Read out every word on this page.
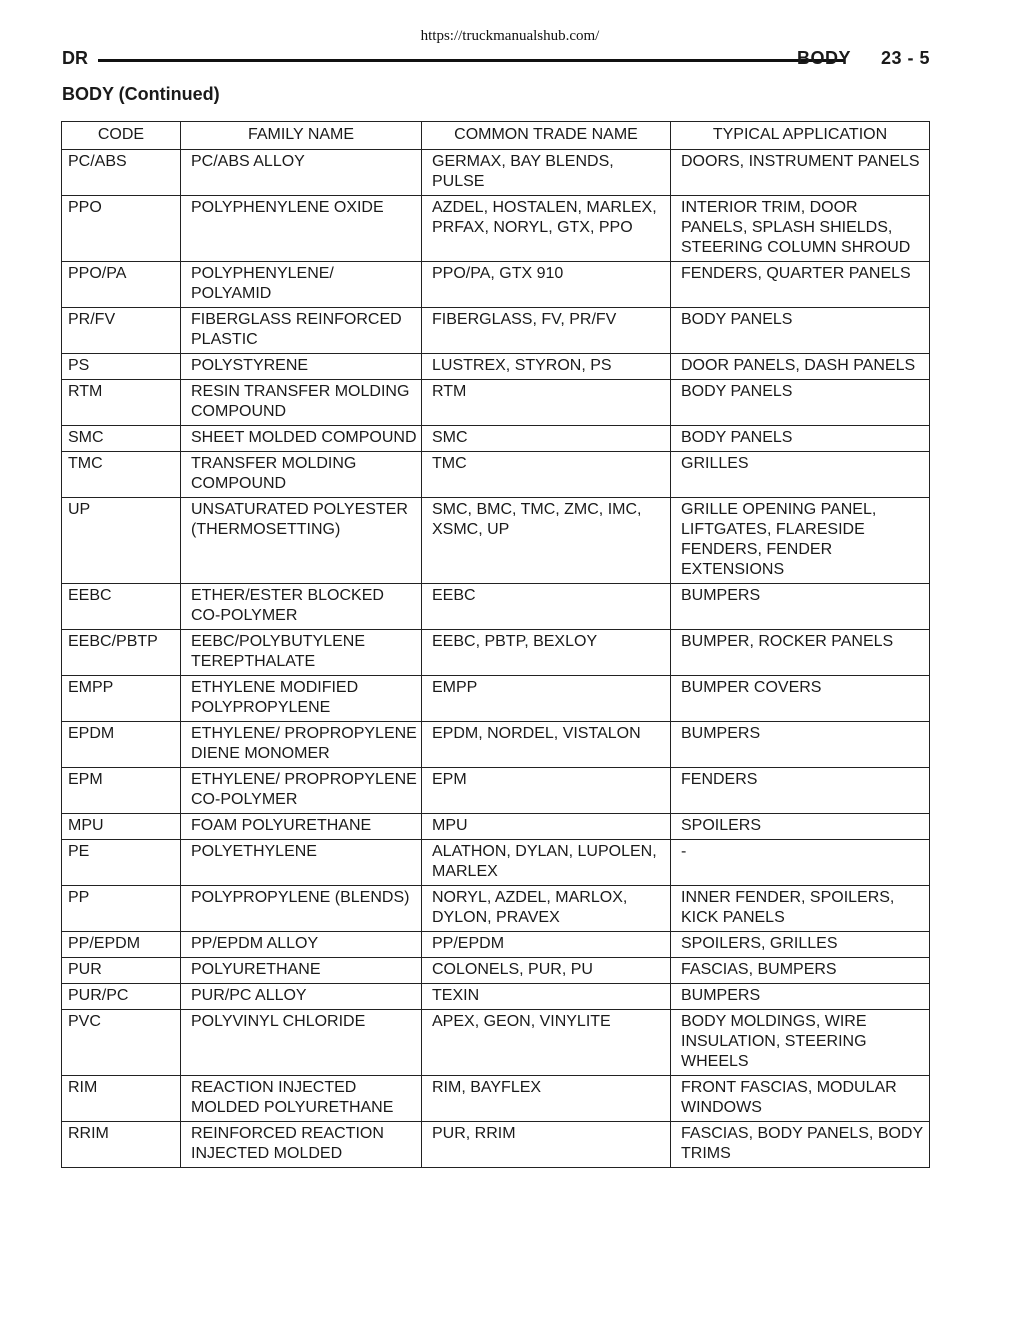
https://truckmanualshub.com/
DR	BODY 23 - 5
BODY (Continued)
CODE	FAMILY NAME	COMMON TRADE NAME	TYPICAL APPLICATION
PC/ABS	PC/ABS ALLOY	GERMAX, BAY BLENDS, PULSE	DOORS, INSTRUMENT PANELS
PPO	POLYPHENYLENE OXIDE	AZDEL, HOSTALEN, MARLEX, PRFAX, NORYL, GTX, PPO	INTERIOR TRIM, DOOR PANELS, SPLASH SHIELDS, STEERING COLUMN SHROUD
PPO/PA	POLYPHENYLENE/ POLYAMID	PPO/PA, GTX 910	FENDERS, QUARTER PANELS
PR/FV	FIBERGLASS REINFORCED PLASTIC	FIBERGLASS, FV, PR/FV	BODY PANELS
PS	POLYSTYRENE	LUSTREX, STYRON, PS	DOOR PANELS, DASH PANELS
RTM	RESIN TRANSFER MOLDING COMPOUND	RTM	BODY PANELS
SMC	SHEET MOLDED COMPOUND	SMC	BODY PANELS
TMC	TRANSFER MOLDING COMPOUND	TMC	GRILLES
UP	UNSATURATED POLYESTER (THERMOSETTING)	SMC, BMC, TMC, ZMC, IMC, XSMC, UP	GRILLE OPENING PANEL, LIFTGATES, FLARESIDE FENDERS, FENDER EXTENSIONS
EEBC	ETHER/ESTER BLOCKED CO-POLYMER	EEBC	BUMPERS
EEBC/PBTP	EEBC/POLYBUTYLENE TEREPTHALATE	EEBC, PBTP, BEXLOY	BUMPER, ROCKER PANELS
EMPP	ETHYLENE MODIFIED POLYPROPYLENE	EMPP	BUMPER COVERS
EPDM	ETHYLENE/ PROPROPYLENE DIENE MONOMER	EPDM, NORDEL, VISTALON	BUMPERS
EPM	ETHYLENE/ PROPROPYLENE CO-POLYMER	EPM	FENDERS
MPU	FOAM POLYURETHANE	MPU	SPOILERS
PE	POLYETHYLENE	ALATHON, DYLAN, LUPOLEN, MARLEX	-
PP	POLYPROPYLENE (BLENDS)	NORYL, AZDEL, MARLOX, DYLON, PRAVEX	INNER FENDER, SPOILERS, KICK PANELS
PP/EPDM	PP/EPDM ALLOY	PP/EPDM	SPOILERS, GRILLES
PUR	POLYURETHANE	COLONELS, PUR, PU	FASCIAS, BUMPERS
PUR/PC	PUR/PC ALLOY	TEXIN	BUMPERS
PVC	POLYVINYL CHLORIDE	APEX, GEON, VINYLITE	BODY MOLDINGS, WIRE INSULATION, STEERING WHEELS
RIM	REACTION INJECTED MOLDED POLYURETHANE	RIM, BAYFLEX	FRONT FASCIAS, MODULAR WINDOWS
RRIM	REINFORCED REACTION INJECTED MOLDED	PUR, RRIM	FASCIAS, BODY PANELS, BODY TRIMS
